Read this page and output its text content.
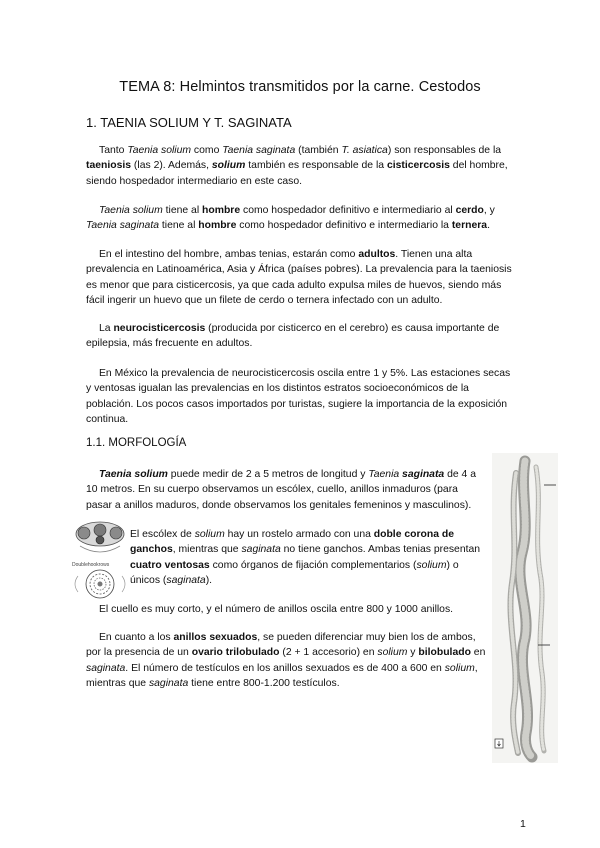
TEMA 8: Helmintos transmitidos por la carne. Cestodos
1. TAENIA SOLIUM Y T. SAGINATA

Tanto Taenia solium como Taenia saginata (también T. asiatica) son responsables de la taeniosis (las 2). Además, solium también es responsable de la cisticercosis del hombre, siendo hospedador intermediario en este caso.

Taenia solium tiene al hombre como hospedador definitivo e intermediario al cerdo, y Taenia saginata tiene al hombre como hospedador definitivo e intermediario la ternera.

En el intestino del hombre, ambas tenias, estarán como adultos. Tienen una alta prevalencia en Latinoamérica, Asia y África (países pobres). La prevalencia para la taeniosis es menor que para cisticercosis, ya que cada adulto expulsa miles de huevos, siendo más fácil ingerir un huevo que un filete de cerdo o ternera infectado con un adulto.

La neurocisticercosis (producida por cisticerco en el cerebro) es causa importante de epilepsia, más frecuente en adultos.

En México la prevalencia de neurocisticercosis oscila entre 1 y 5%. Las estaciones secas y ventosas igualan las prevalencias en los distintos estratos socioeconómicos de la población. Los pocos casos importados por turistas, sugiere la importancia de la exposición continua.

1.1. MORFOLOGÍA

Taenia solium puede medir de 2 a 5 metros de longitud y Taenia saginata de 4 a 10 metros. En su cuerpo observamos un escólex, cuello, anillos inmaduros (para pasar a anillos maduros, donde observamos los genitales femeninos y masculinos).

Doublehookrows

El escólex de solium hay un rostelo armado con una doble corona de ganchos, mientras que saginata no tiene ganchos. Ambas tenias presentan cuatro ventosas como órganos de fijación complementarios (solium) o únicos (saginata).

El cuello es muy corto, y el número de anillos oscila entre 800 y 1000 anillos.

En cuanto a los anillos sexuados, se pueden diferenciar muy bien los de ambos, por la presencia de un ovario trilobulado (2 + 1 accesorio) en solium y bilobulado en saginata. El número de testículos en los anillos sexuados es de 400 a 600 en solium, mientras que saginata tiene entre 800-1.200 testículos.

1
